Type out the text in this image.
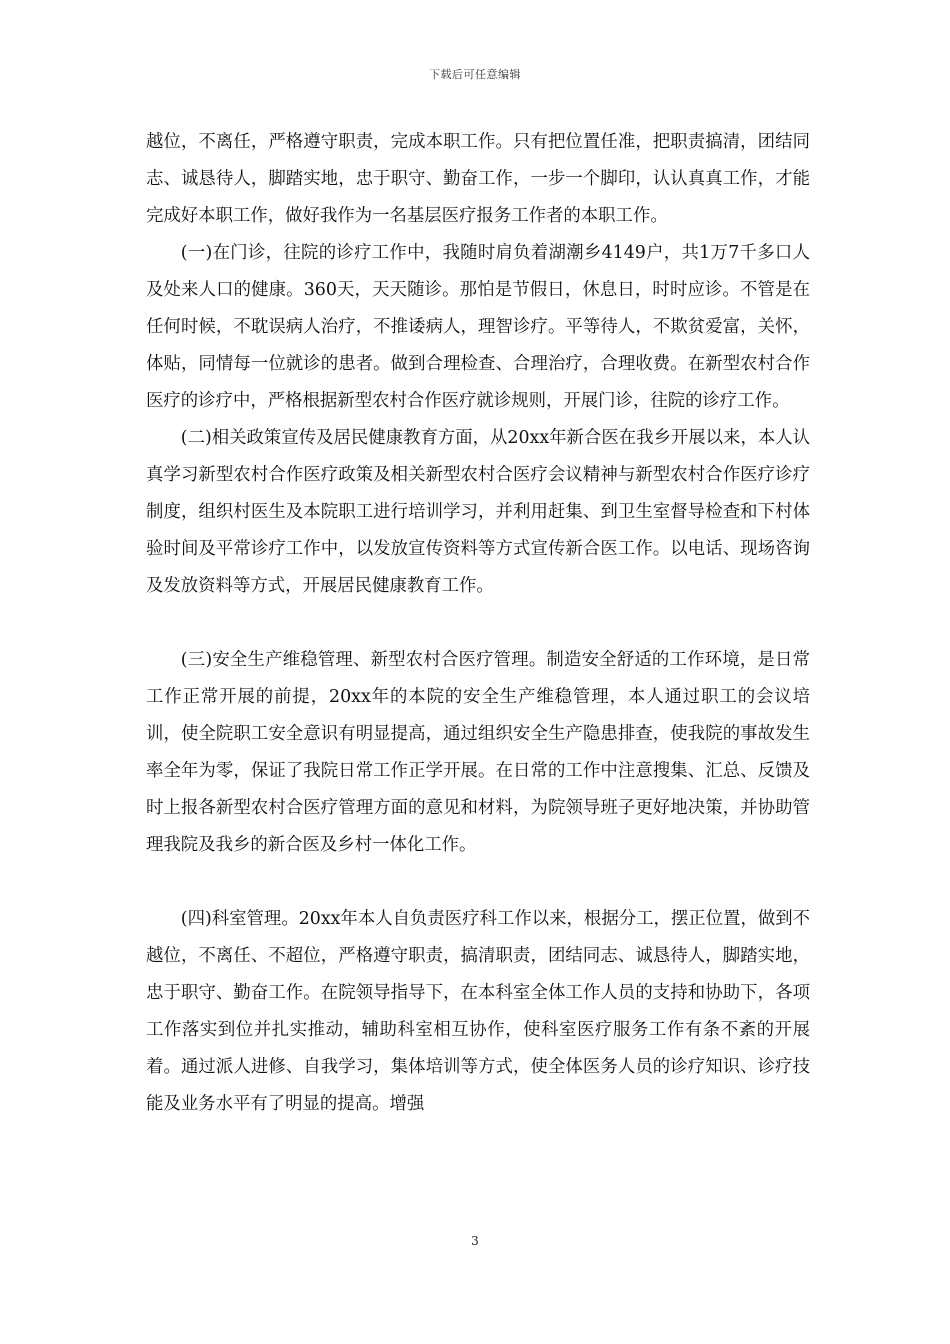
下载后可任意编辑

越位，不离任，严格遵守职责，完成本职工作。只有把位置任准，把职责搞清，团结同志、诚恳待人，脚踏实地，忠于职守、勤奋工作，一步一个脚印，认认真真工作，才能完成好本职工作，做好我作为一名基层医疗报务工作者的本职工作。

(一)在门诊，往院的诊疗工作中，我随时肩负着湖潮乡4149户，共1万7千多口人及处来人口的健康。360天，天天随诊。那怕是节假日，休息日，时时应诊。不管是在任何时候，不耽误病人治疗，不推诿病人，理智诊疗。平等待人，不欺贫爱富，关怀，体贴，同情每一位就诊的患者。做到合理检查、合理治疗，合理收费。在新型农村合作医疗的诊疗中，严格根据新型农村合作医疗就诊规则，开展门诊，往院的诊疗工作。

(二)相关政策宣传及居民健康教育方面，从20xx年新合医在我乡开展以来，本人认真学习新型农村合作医疗政策及相关新型农村合医疗会议精神与新型农村合作医疗诊疗制度，组织村医生及本院职工进行培训学习，并利用赶集、到卫生室督导检查和下村体验时间及平常诊疗工作中，以发放宣传资料等方式宣传新合医工作。以电话、现场咨询及发放资料等方式，开展居民健康教育工作。

(三)安全生产维稳管理、新型农村合医疗管理。制造安全舒适的工作环境，是日常工作正常开展的前提，20xx年的本院的安全生产维稳管理，本人通过职工的会议培训，使全院职工安全意识有明显提高，通过组织安全生产隐患排查，使我院的事故发生率全年为零，保证了我院日常工作正学开展。在日常的工作中注意搜集、汇总、反馈及时上报各新型农村合医疗管理方面的意见和材料，为院领导班子更好地决策，并协助管理我院及我乡的新合医及乡村一体化工作。

(四)科室管理。20xx年本人自负责医疗科工作以来，根据分工，摆正位置，做到不越位，不离任、不超位，严格遵守职责，搞清职责，团结同志、诚恳待人，脚踏实地，忠于职守、勤奋工作。在院领导指导下，在本科室全体工作人员的支持和协助下，各项工作落实到位并扎实推动，辅助科室相互协作，使科室医疗服务工作有条不紊的开展着。通过派人进修、自我学习，集体培训等方式，使全体医务人员的诊疗知识、诊疗技能及业务水平有了明显的提高。增强

3
